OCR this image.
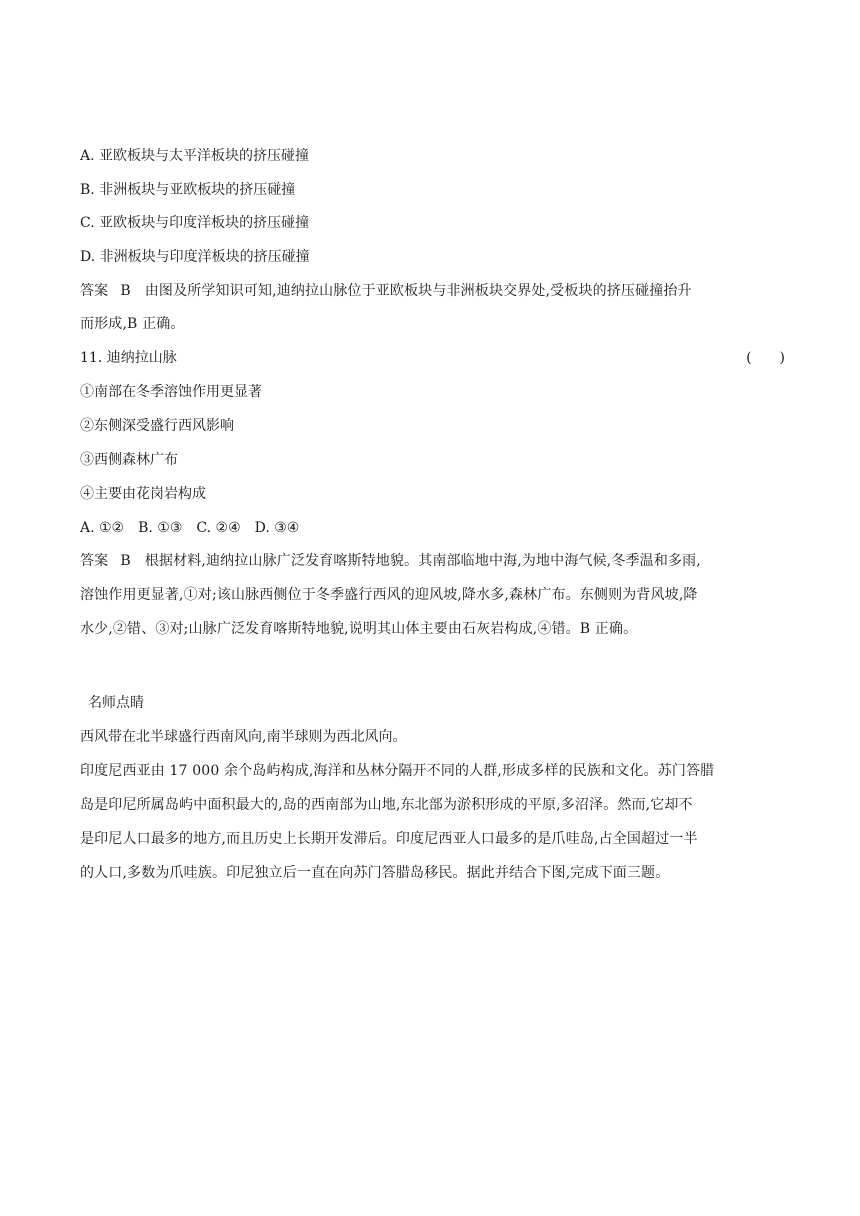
A. 亚欧板块与太平洋板块的挤压碰撞
B. 非洲板块与亚欧板块的挤压碰撞
C. 亚欧板块与印度洋板块的挤压碰撞
D. 非洲板块与印度洋板块的挤压碰撞
答案 B 由图及所学知识可知,迪纳拉山脉位于亚欧板块与非洲板块交界处,受板块的挤压碰撞抬升
而形成,B 正确。
11. 迪纳拉山脉	(　　)
①南部在冬季溶蚀作用更显著
②东侧深受盛行西风影响
③西侧森林广布
④主要由花岗岩构成
A. ①②　B. ①③　C. ②④　D. ③④
答案 B 根据材料,迪纳拉山脉广泛发育喀斯特地貌。其南部临地中海,为地中海气候,冬季温和多雨,
溶蚀作用更显著,①对;该山脉西侧位于冬季盛行西风的迎风坡,降水多,森林广布。东侧则为背风坡,降
水少,②错、③对;山脉广泛发育喀斯特地貌,说明其山体主要由石灰岩构成,④错。B 正确。
名师点睛
西风带在北半球盛行西南风向,南半球则为西北风向。
印度尼西亚由 17 000 余个岛屿构成,海洋和丛林分隔开不同的人群,形成多样的民族和文化。苏门答腊
岛是印尼所属岛屿中面积最大的,岛的西南部为山地,东北部为淤积形成的平原,多沼泽。然而,它却不
是印尼人口最多的地方,而且历史上长期开发滞后。印度尼西亚人口最多的是爪哇岛,占全国超过一半
的人口,多数为爪哇族。印尼独立后一直在向苏门答腊岛移民。据此并结合下图,完成下面三题。
